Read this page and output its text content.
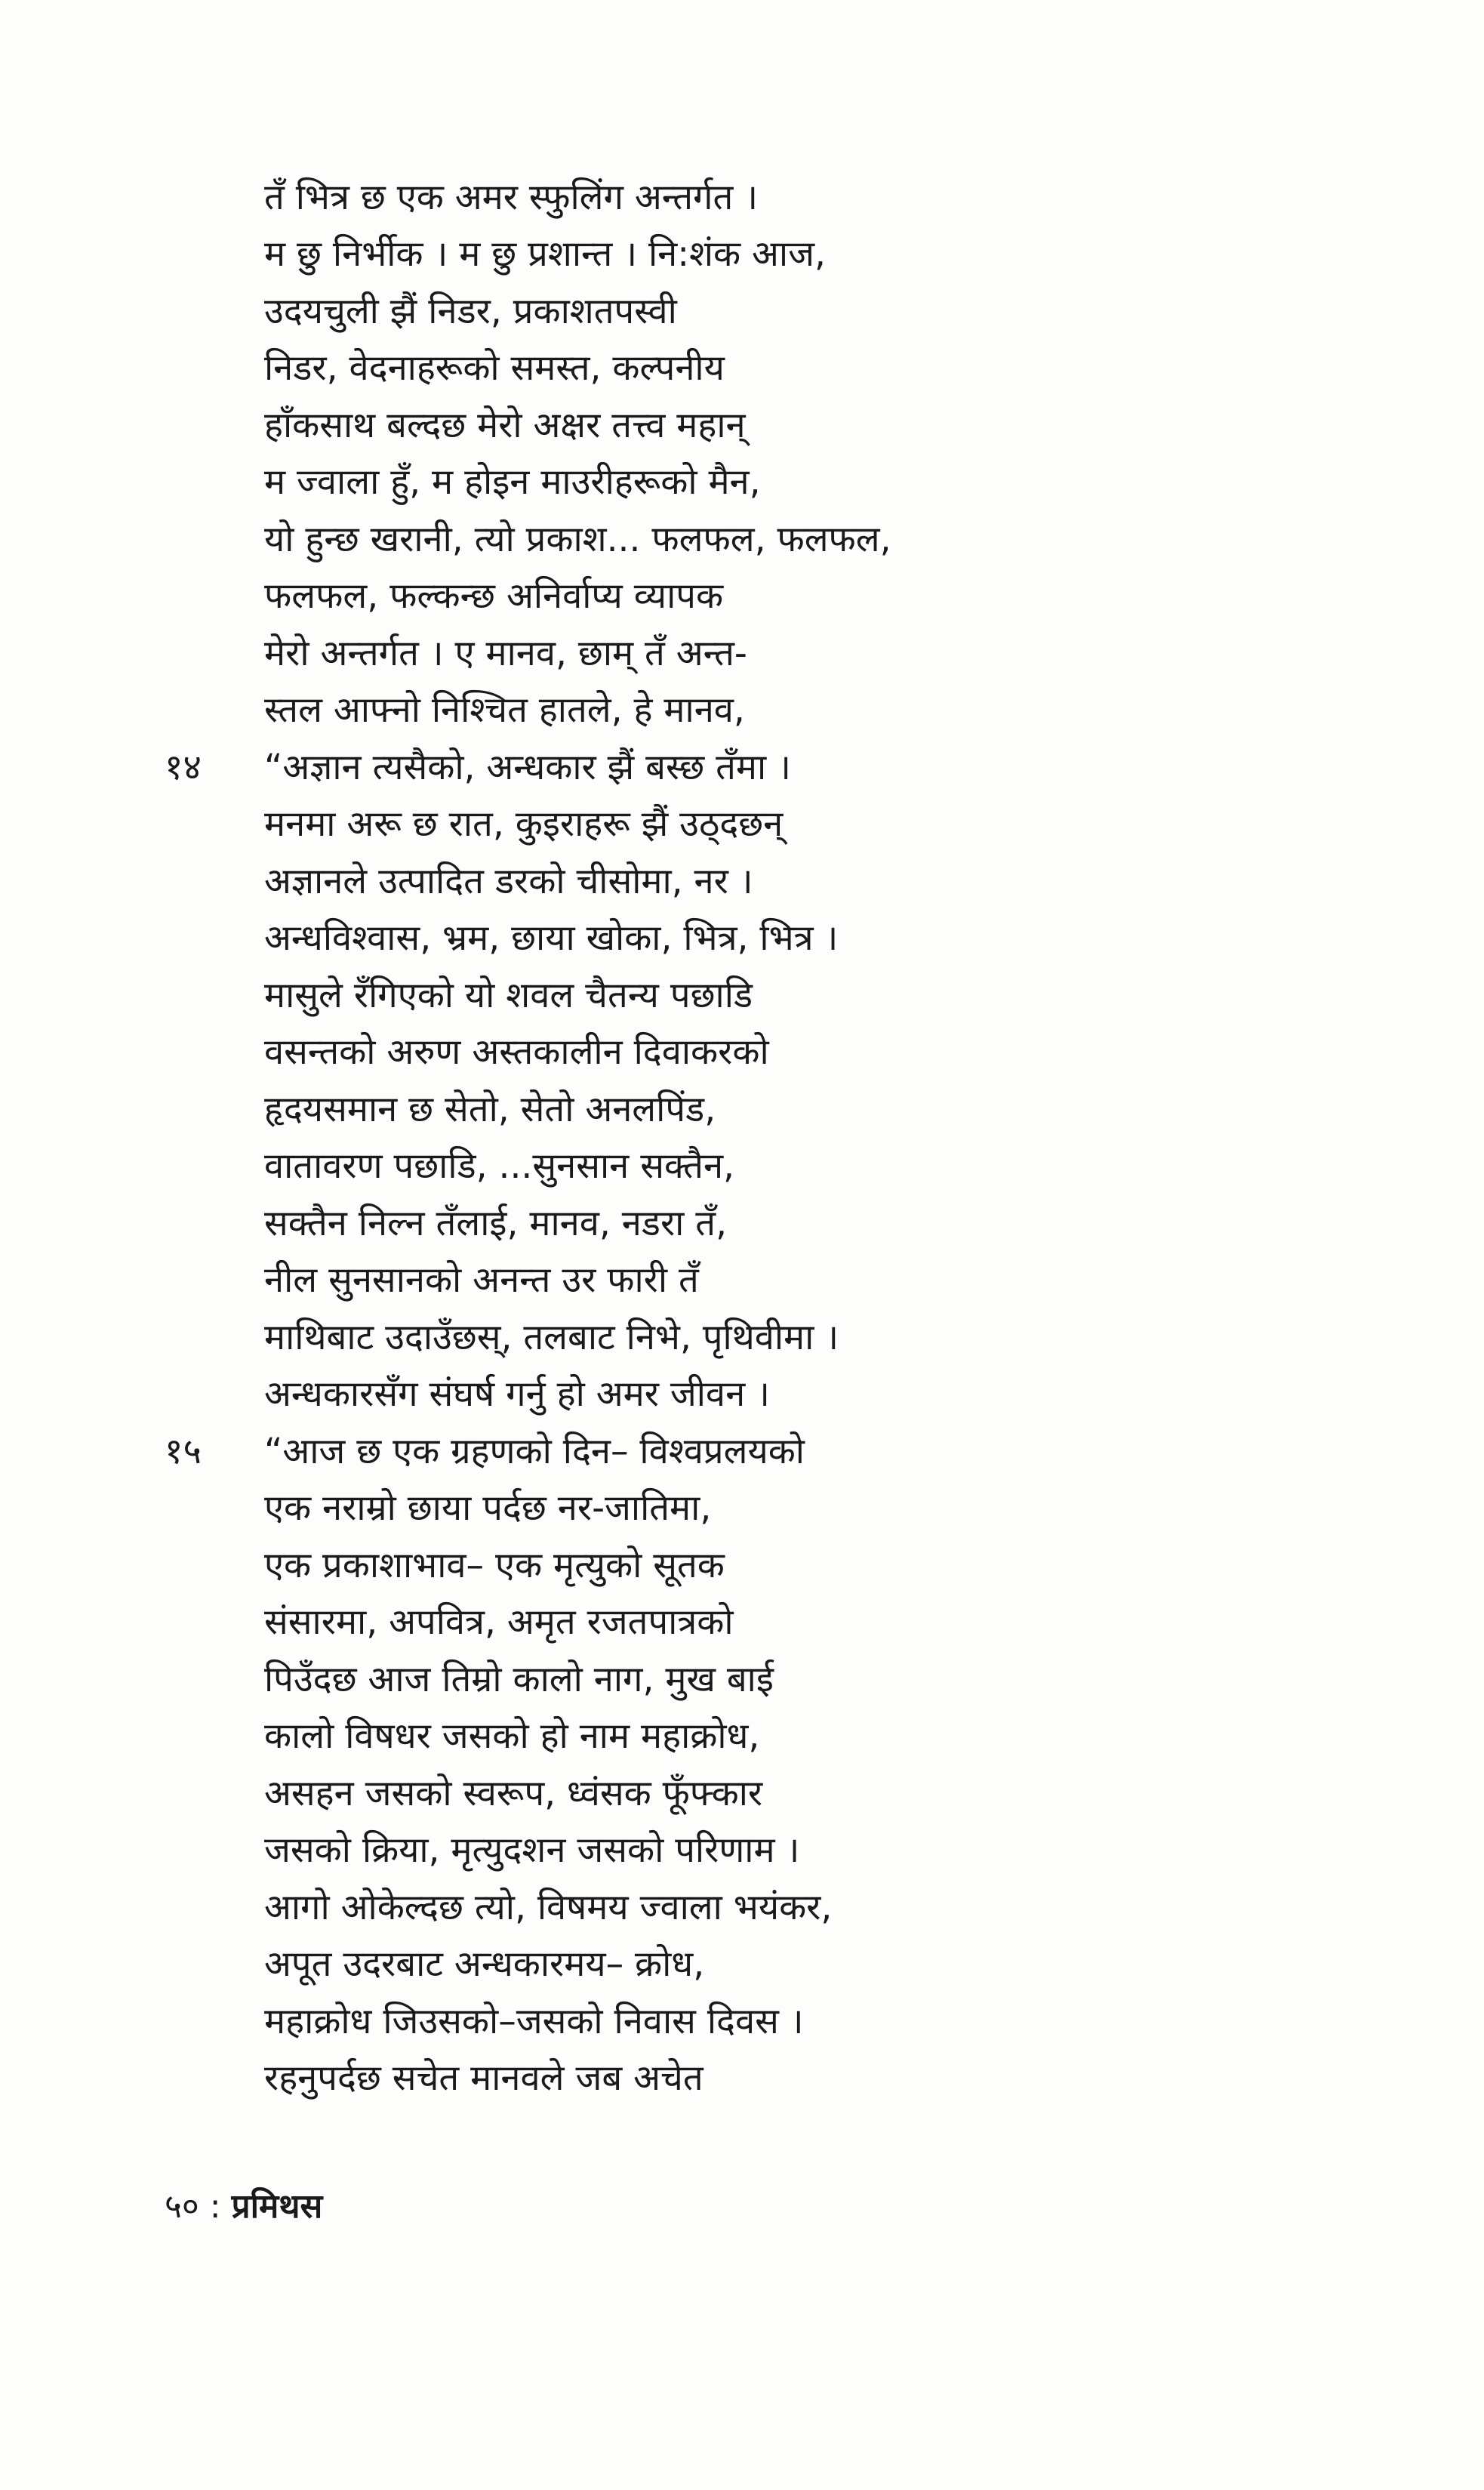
तँ भित्र छ एक अमर स्फुलिंग अन्तर्गत ।
म छु निर्भीक । म छु प्रशान्त । नि:शंक आज,
उदयचुली झैं निडर, प्रकाशतपस्वी
निडर, वेदनाहरूको समस्त, कल्पनीय
हाँकसाथ बल्दछ मेरो अक्षर तत्त्व महान्
म ज्वाला हुँ, म होइन माउरीहरूको मैन,
यो हुन्छ खरानी, त्यो प्रकाश... फलफल, फलफल,
फलफल, फल्कन्छ अनिर्वाप्य व्यापक
मेरो अन्तर्गत । ए मानव, छाम् तँ अन्त-
स्तल आफ्नो निश्चित हातले, हे मानव,
१४ “अज्ञान त्यसैको, अन्धकार झैं बस्छ तँमा ।
मनमा अरू छ रात, कुइराहरू झैं उठ्दछन्
अज्ञानले उत्पादित डरको चीसोमा, नर ।
अन्धविश्वास, भ्रम, छाया खोका, भित्र, भित्र ।
मासुले रँगिएको यो शवल चैतन्य पछाडि
वसन्तको अरुण अस्तकालीन दिवाकरको
हृदयसमान छ सेतो, सेतो अनलपिंड,
वातावरण पछाडि, ...सुनसान सक्तैन,
सक्तैन निल्न तँलाई, मानव, नडरा तँ,
नील सुनसानको अनन्त उर फारी तँ
माथिबाट उदाउँछस्, तलबाट निभे, पृथिवीमा ।
अन्धकारसँग संघर्ष गर्नु हो अमर जीवन ।
१५ “आज छ एक ग्रहणको दिन– विश्वप्रलयको
एक नराम्रो छाया पर्दछ नर-जातिमा,
एक प्रकाशाभाव– एक मृत्युको सूतक
संसारमा, अपवित्र, अमृत रजतपात्रको
पिउँदछ आज तिम्रो कालो नाग, मुख बाई
कालो विषधर जसको हो नाम महाक्रोध,
असहन जसको स्वरूप, ध्वंसक फूँफ्कार
जसको क्रिया, मृत्युदशन जसको परिणाम ।
आगो ओकेल्दछ त्यो, विषमय ज्वाला भयंकर,
अपूत उदरबाट अन्धकारमय– क्रोध,
महाक्रोध जिउसको–जसको निवास दिवस ।
रहनुपर्दछ सचेत मानवले जब अचेत
५० : प्रमिथस
